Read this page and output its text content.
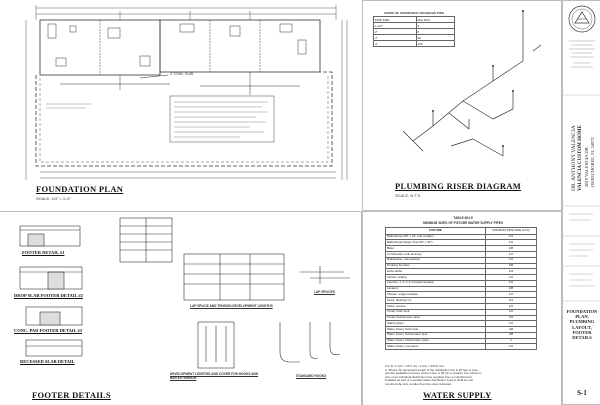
4" CONC. SLAB
FOUNDATION PLAN
SCALE: 1/4" = 1'-0"
SIZING OF HORIZONTAL DRAINAGE PIPE
PIPE SIZE	Max DFU
1-1/2"	3
2"	6
3"	20
4"	160
PLUMBING RISER DIAGRAM
SCALE: N.T.S.
FOOTER DETAIL #1
DROP SLAB FOOTER DETAIL #2
CONC. PAD FOOTER DETAIL #3
RECESSED SLAB DETAIL
LAP SPLICE AND TENSION DEVELOPMENT LENGTHS
LAP SPLICES
DEVELOPMENT LENGTHS AND COVER FOR HOOKS AND BAR EXTENSION	STANDARD HOOKS
FOOTER DETAILS
TABLE 604.5
MINIMUM SIZES OF FIXTURE WATER SUPPLY PIPES
FIXTURE	MINIMUM PIPE SIZE (inch)
Bathtubs(a) (60" x 32" and smaller)	1/2
Bathtubs(a) (larger than 60" x 32")	1/2
Bidet	3/8
Combination sink and tray	1/2
Dishwasher, domestic(a)	1/2
Drinking fountain	3/8
Hose bibbs	1/2
Kitchen sink(a)	1/2
Laundry, 1, 2 or 3 compartments(a)	1/2
Lavatory	3/8
Shower, single head(a)	1/2
Sinks, flushing rim	3/4
Sinks, service	1/2
Urinal, flush tank	1/2
Urinal, flushometer valve	3/4
Wall hydrant	1/2
Water closet, flush tank	3/8
Water closet, flushometer tank	3/8
Water closet, flushometer valve	1
Water closet, one piece	1/2
For SI: 1 inch = 25.4 mm, 1 foot = 304.8 mm.
a. Where the developed length of the distribution line is 60 feet or less,
and the available pressure at the meter is 35 psi or greater, the minimum
size of an individual distribution line supplied from a manifold and
installed as part of a parallel water distribution system shall be one
nominal tube size smaller than the sizes indicated.
WATER SUPPLY
DR. ANTHONY VALENCIA VALENCIA CUSTOM HOME 2019 VALENCIA DR. OKEECHOBEE, FL 34972
FOUNDATION PLAN, PLUMBING LAYOUT, FOOTER DETAILS
S-1
